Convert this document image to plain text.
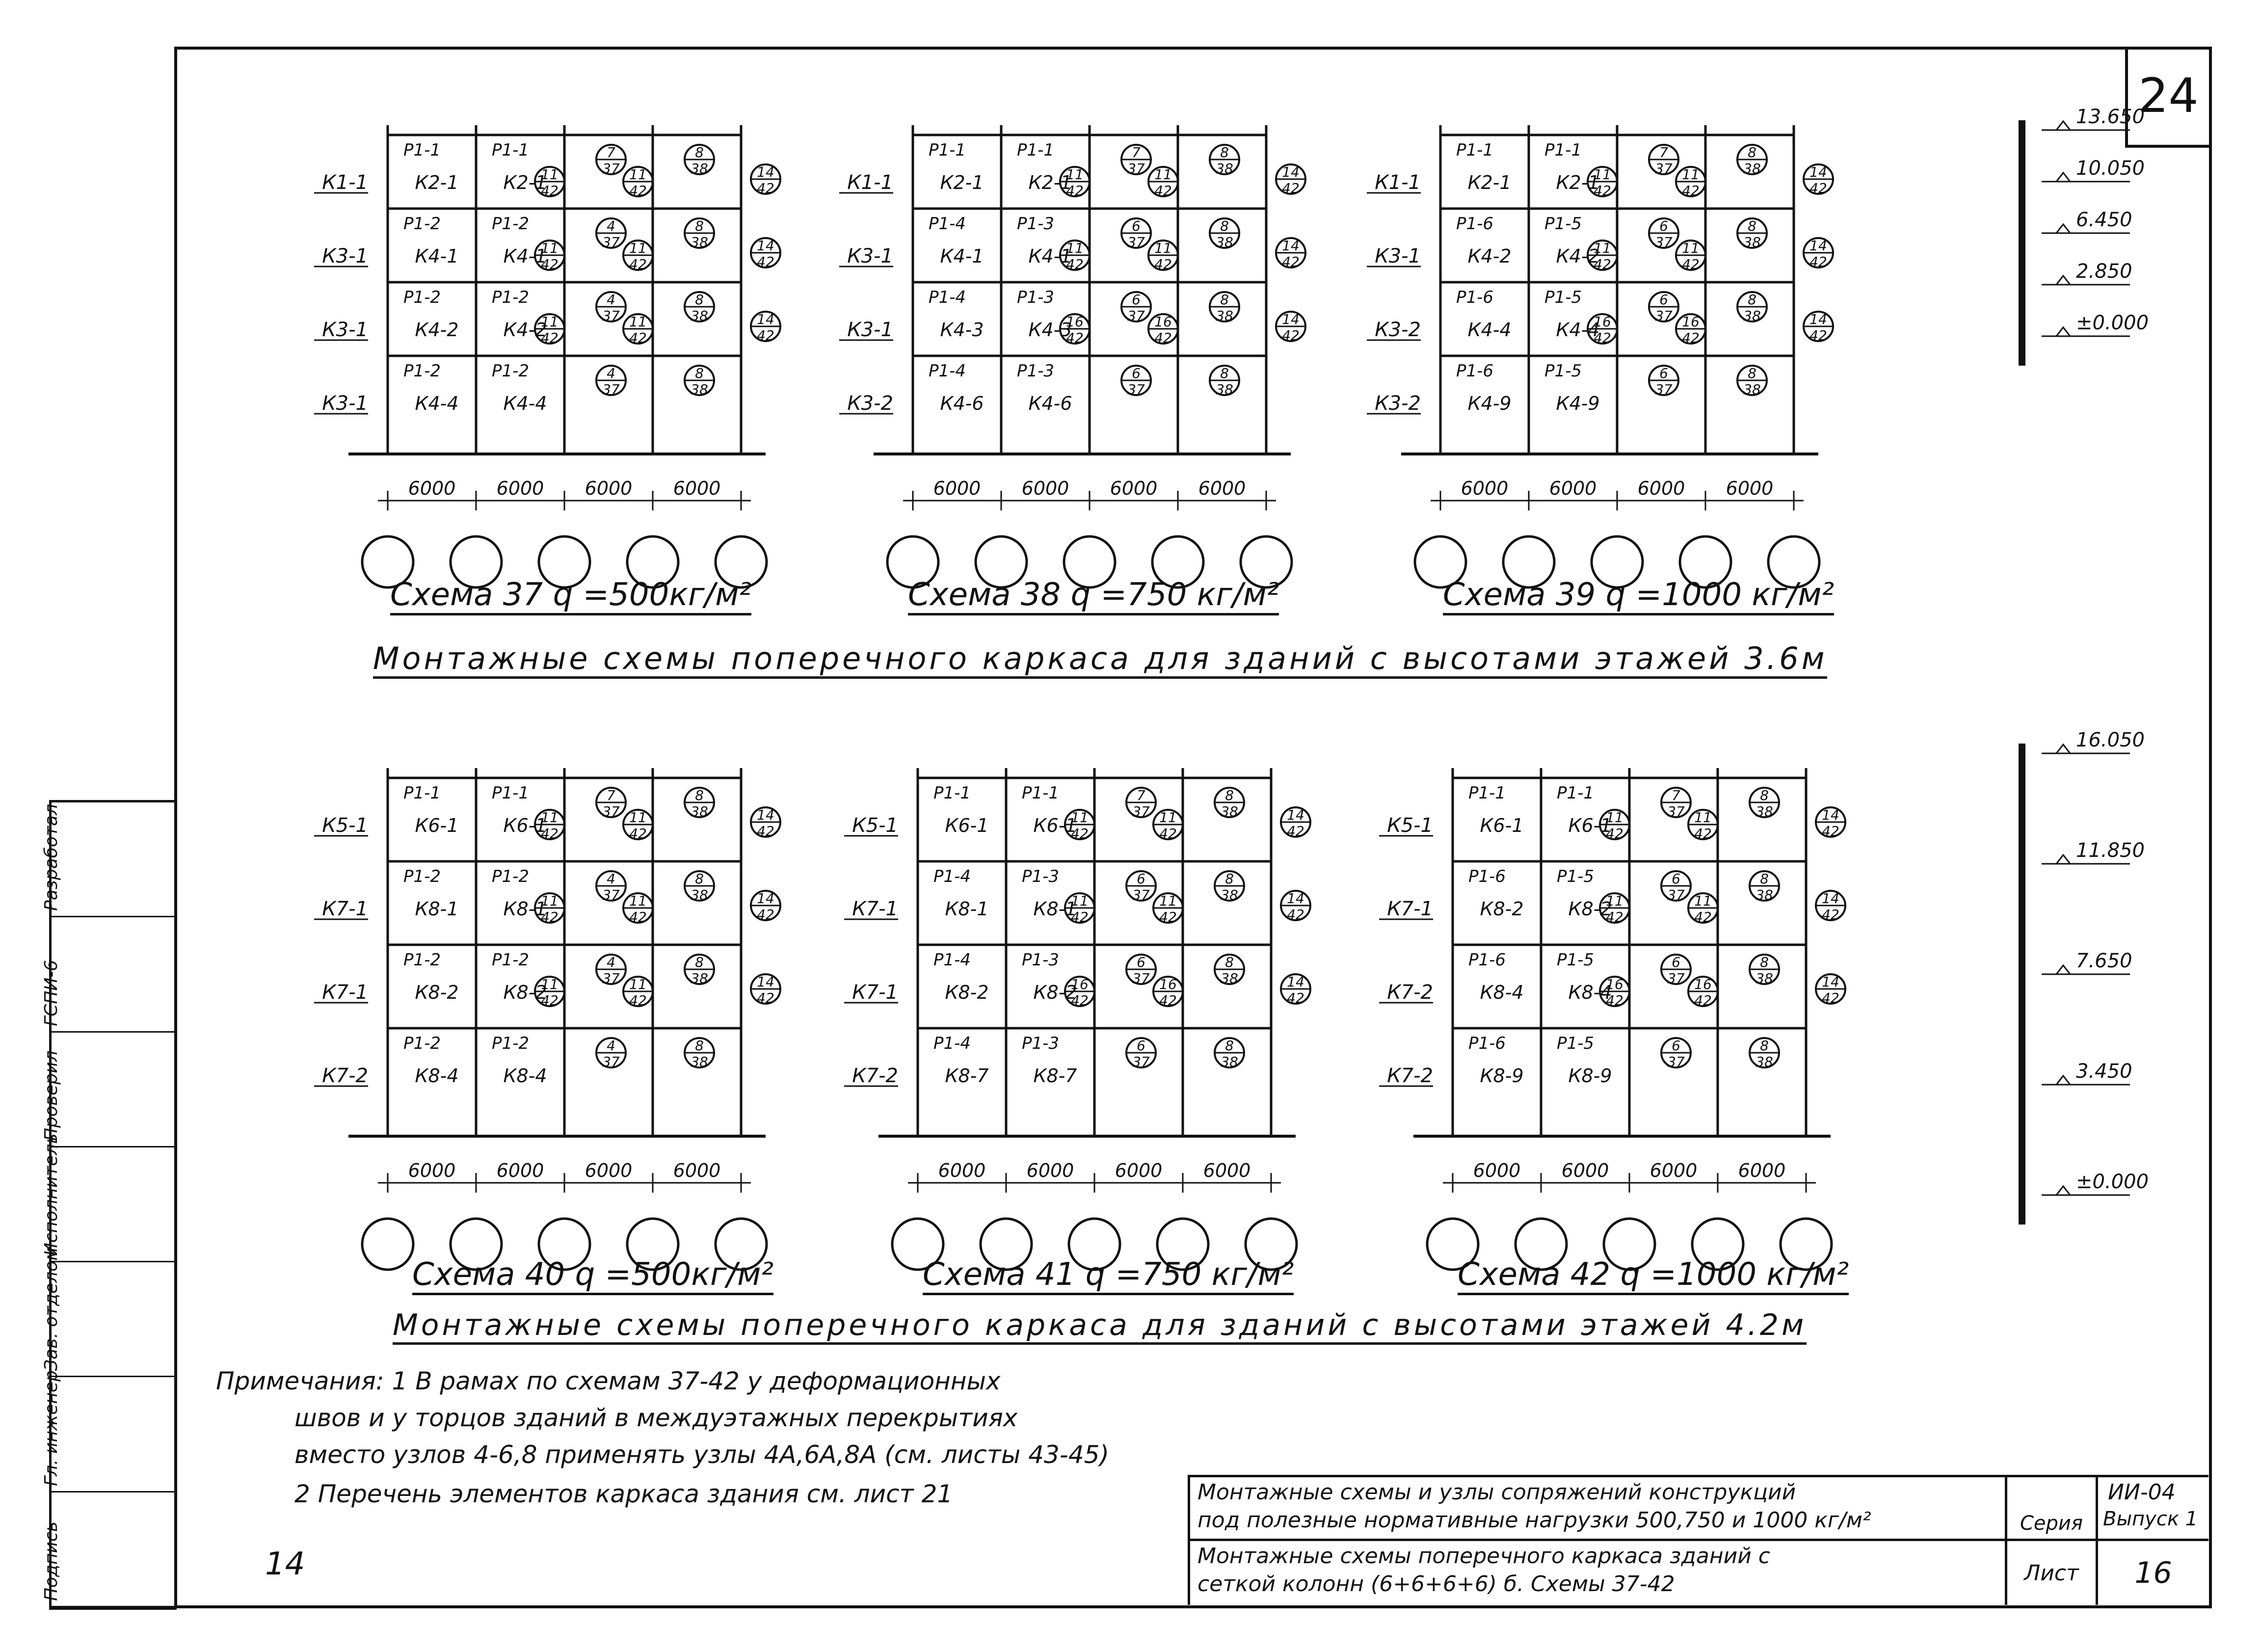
24
Разработал
ГСПИ-6
Проверил
Исполнитель
Зав. отделом
Гл. инженер
Подпись
К1-1
Р1-1	Р1-1
К2-1 К2-1
11
42
7
37 11
42
8
38	14
42
К3-1
Р1-2	Р1-2
К4-1 К4-1
11
42
4
37 11
42
8
38	14
42
К3-1
Р1-2	Р1-2
К4-2 К4-2
11
42
4
37 11
42
8
38	14
42
К3-1
Р1-2	Р1-2
К4-4 К4-4
4
37
8
38
6000 6000 6000 6000
К1-1
Р1-1	Р1-1
К2-1 К2-1
11
42
7
37 11
42
8
38	14
42
К3-1
Р1-4	Р1-3
К4-1 К4-1
11
42
6
37 11
42
8
38	14
42
К3-1
Р1-4	Р1-3
К4-3 К4-3
16
42
6
37 16
42
8
38	14
42
К3-2
Р1-4	Р1-3
К4-6 К4-6
6
37
8
38
6000 6000 6000 6000
К1-1
Р1-1	Р1-1
К2-1 К2-1
11
42
7
37 11
42
8
38	14
42
К3-1
Р1-6	Р1-5
К4-2 К4-2
11
42
6
37 11
42
8
38	14
42
К3-2
Р1-6	Р1-5
К4-4 К4-4
16
42
6
37 16
42
8
38	14
42
К3-2
Р1-6	Р1-5
К4-9 К4-9
6
37
8
38
6000 6000 6000 6000
К5-1
Р1-1	Р1-1
К6-1 К6-1
11
42
7
37 11
42
8
38	14
42
К7-1
Р1-2	Р1-2
К8-1 К8-1
11
42
4
37 11
42
8
38	14
42
К7-1
Р1-2	Р1-2
К8-2 К8-2
11
42
4
37 11
42
8
38	14
42
К7-2
Р1-2	Р1-2
К8-4 К8-4
4
37
8
38
6000 6000 6000 6000
К5-1
Р1-1	Р1-1
К6-1 К6-1
11
42
7
37 11
42
8
38	14
42
К7-1
Р1-4	Р1-3
К8-1 К8-1
11
42
6
37 11
42
8
38	14
42
К7-1
Р1-4	Р1-3
К8-2 К8-2
16
42
6
37 16
42
8
38	14
42
К7-2
Р1-4	Р1-3
К8-7 К8-7
6
37
8
38
6000 6000 6000 6000
К5-1
Р1-1	Р1-1
К6-1 К6-1
11
42
7
37 11
42
8
38	14
42
К7-1
Р1-6	Р1-5
К8-2 К8-2
11
42
6
37 11
42
8
38	14
42
К7-2
Р1-6	Р1-5
К8-4 К8-4
16
42
6
37 16
42
8
38	14
42
К7-2
Р1-6	Р1-5
К8-9 К8-9
6
37
8
38
6000 6000 6000 6000
13.650
10.050
6.450
2.850
±0.000
16.050
11.850
7.650
3.450
±0.000
Монтажные схемы поперечного каркаса для зданий с высотами этажей 3.6м
Монтажные схемы поперечного каркаса для зданий с высотами этажей 4.2м
Схема 37 q =500кг/м²	Схема 38 q =750 кг/м²	Схема 39 q =1000 кг/м²
Схема 40 q =500кг/м²	Схема 41 q =750 кг/м²	Схема 42 q =1000 кг/м²
Примечания: 1 В рамах по схемам 37-42 у деформационных
швов и у торцов зданий в междуэтажных перекрытиях
вместо узлов 4-6,8 применять узлы 4А,6А,8А (см. листы 43-45)
2 Перечень элементов каркаса здания см. лист 21
14
Монтажные схемы и узлы сопряжений конструкций
под полезные нормативные нагрузки 500,750 и 1000 кг/м²	Серия
ИИ-04
Выпуск 1
Монтажные схемы поперечного каркаса зданий с
сеткой колонн (6+6+6+6) б. Схемы 37-42	Лист 16
